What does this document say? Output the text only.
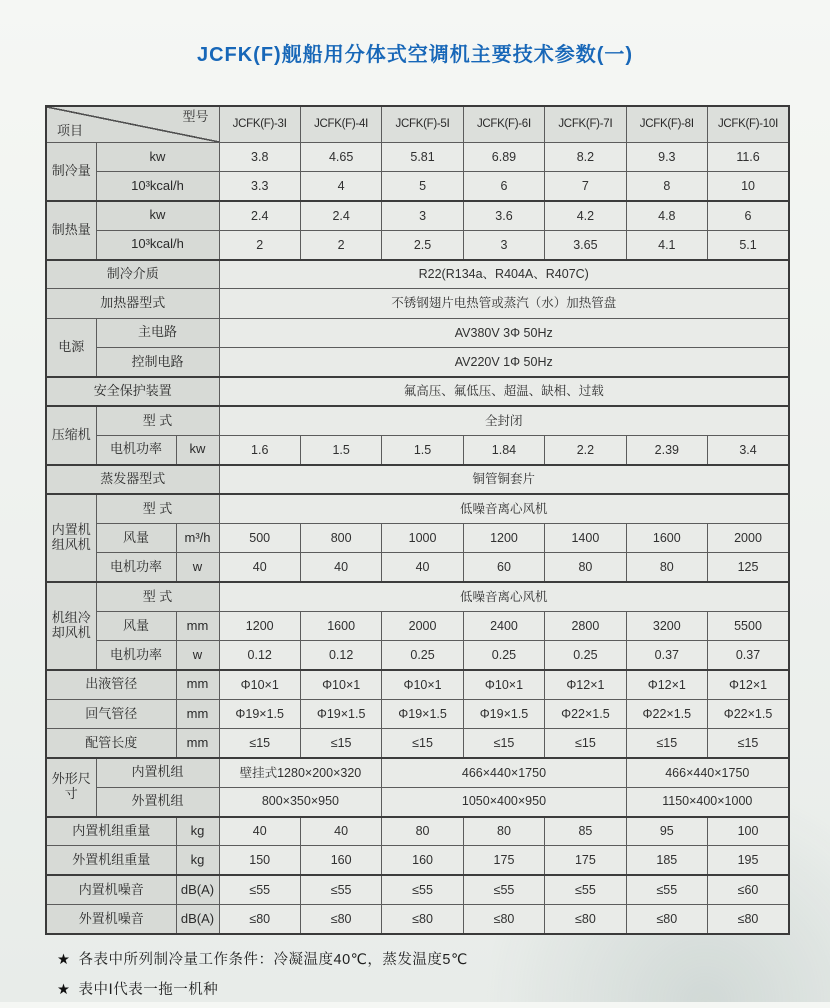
JCFK(F)舰船用分体式空调机主要技术参数(一)
型号
项目			JCFK(F)-3Ⅰ	JCFK(F)-4Ⅰ	JCFK(F)-5Ⅰ	JCFK(F)-6Ⅰ	JCFK(F)-7Ⅰ	JCFK(F)-8Ⅰ	JCFK(F)-10Ⅰ
制冷量	kw		3.8	4.65	5.81	6.89	8.2	9.3	11.6
	10³kcal/h		3.3	4	5	6	7	8	10
制热量	kw		2.4	2.4	3	3.6	4.2	4.8	6
	10³kcal/h		2	2	2.5	3	3.65	4.1	5.1
制冷介质			R22(R134a、R404A、R407C)						
加热器型式			不锈钢翅片电热管或蒸汽（水）加热管盘						
电源	主电路		AV380V 3Φ 50Hz						
	控制电路		AV220V 1Φ 50Hz						
安全保护装置			氟高压、氟低压、超温、缺相、过载						
压缩机	型 式		全封闭						
	电机功率	kw	1.6	1.5	1.5	1.84	2.2	2.39	3.4
蒸发器型式			铜管铜套片						
内置机组风机	型 式		低噪音离心风机						
	风量	m³/h	500	800	1000	1200	1400	1600	2000
	电机功率	w	40	40	40	60	80	80	125
机组冷却风机	型 式		低噪音离心风机						
	风量	mm	1200	1600	2000	2400	2800	3200	5500
	电机功率	w	0.12	0.12	0.25	0.25	0.25	0.37	0.37
出液管径		mm	Φ10×1	Φ10×1	Φ10×1	Φ10×1	Φ12×1	Φ12×1	Φ12×1
回气管径		mm	Φ19×1.5	Φ19×1.5	Φ19×1.5	Φ19×1.5	Φ22×1.5	Φ22×1.5	Φ22×1.5
配管长度		mm	≤15	≤15	≤15	≤15	≤15	≤15	≤15
外形尺寸	内置机组		壁挂式1280×200×320		466×440×1750			466×440×1750	
	外置机组		800×350×950		1050×400×950			1150×400×1000	
内置机组重量		kg	40	40	80	80	85	95	100
外置机组重量		kg	150	160	160	175	175	185	195
内置机噪音		dB(A)	≤55	≤55	≤55	≤55	≤55	≤55	≤60
外置机噪音		dB(A)	≤80	≤80	≤80	≤80	≤80	≤80	≤80
★ 各表中所列制冷量工作条件：冷凝温度40℃，蒸发温度5℃
★ 表中Ⅰ代表一拖一机种
